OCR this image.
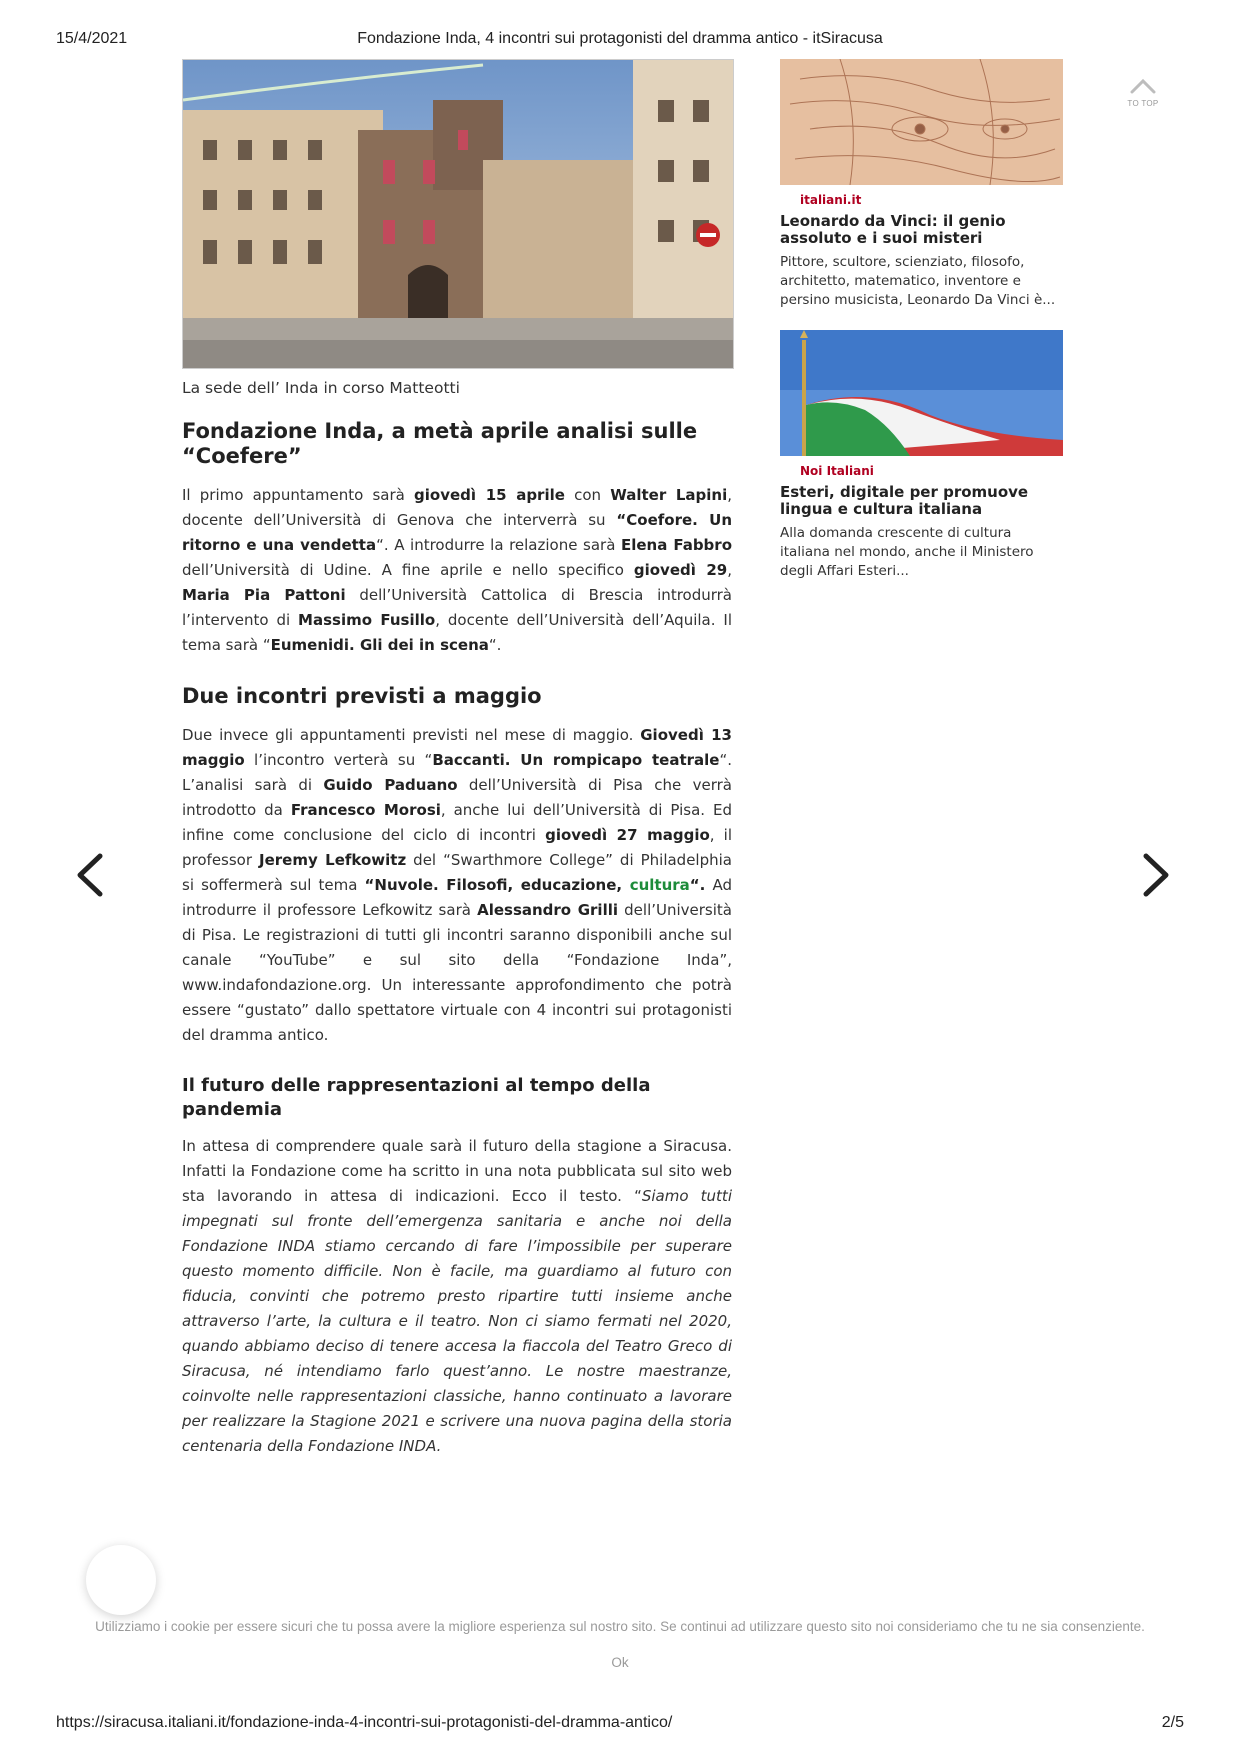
15/4/2021	Fondazione Inda, 4 incontri sui protagonisti del dramma antico - itSiracusa
La sede dell’ Inda in corso Matteotti
Fondazione Inda, a metà aprile analisi sulle “Coefere”

Il primo appuntamento sarà giovedì 15 aprile con Walter Lapini, docente dell’Università di Genova che interverrà su “Coefore. Un ritorno e una vendetta“. A introdurre la relazione sarà Elena Fabbro dell’Università di Udine. A fine aprile e nello specifico giovedì 29, Maria Pia Pattoni dell’Università Cattolica di Brescia introdurrà l’intervento di Massimo Fusillo, docente dell’Università dell’Aquila. Il tema sarà “Eumenidi. Gli dei in scena“.

Due incontri previsti a maggio

Due invece gli appuntamenti previsti nel mese di maggio. Giovedì 13 maggio l’incontro verterà su “Baccanti. Un rompicapo teatrale“. L’analisi sarà di Guido Paduano dell’Università di Pisa che verrà introdotto da Francesco Morosi, anche lui dell’Università di Pisa. Ed infine come conclusione del ciclo di incontri giovedì 27 maggio, il professor Jeremy Lefkowitz del “Swarthmore College” di Philadelphia si soffermerà sul tema “Nuvole. Filosofi, educazione, cultura“. Ad introdurre il professore Lefkowitz sarà Alessandro Grilli dell’Università di Pisa. Le registrazioni di tutti gli incontri saranno disponibili anche sul canale “YouTube” e sul sito della “Fondazione Inda”, www.indafondazione.org. Un interessante approfondimento che potrà essere “gustato” dallo spettatore virtuale con 4 incontri sui protagonisti del dramma antico.

Il futuro delle rappresentazioni al tempo della pandemia

In attesa di comprendere quale sarà il futuro della stagione a Siracusa. Infatti la Fondazione come ha scritto in una nota pubblicata sul sito web sta lavorando in attesa di indicazioni. Ecco il testo. “Siamo tutti impegnati sul fronte dell’emergenza sanitaria e anche noi della Fondazione INDA stiamo cercando di fare l’impossibile per superare questo momento difficile. Non è facile, ma guardiamo al futuro con fiducia, convinti che potremo presto ripartire tutti insieme anche attraverso l’arte, la cultura e il teatro. Non ci siamo fermati nel 2020, quando abbiamo deciso di tenere accesa la fiaccola del Teatro Greco di Siracusa, né intendiamo farlo quest’anno. Le nostre maestranze, coinvolte nelle rappresentazioni classiche, hanno continuato a lavorare per realizzare la Stagione 2021 e scrivere una nuova pagina della storia centenaria della Fondazione INDA.

italiani.it
Leonardo da Vinci: il genio assoluto e i suoi misteri

Pittore, scultore, scienziato, filosofo, architetto, matematico, inventore e persino musicista, Leonardo Da Vinci è...

Noi Italiani
Esteri, digitale per promuove lingua e cultura italiana

Alla domanda crescente di cultura italiana nel mondo, anche il Ministero degli Affari Esteri...

TO TOP
Utilizziamo i cookie per essere sicuri che tu possa avere la migliore esperienza sul nostro sito. Se continui ad utilizzare questo sito noi consideriamo che tu ne sia consenziente.
Ok
https://siracusa.italiani.it/fondazione-inda-4-incontri-sui-protagonisti-del-dramma-antico/	2/5
